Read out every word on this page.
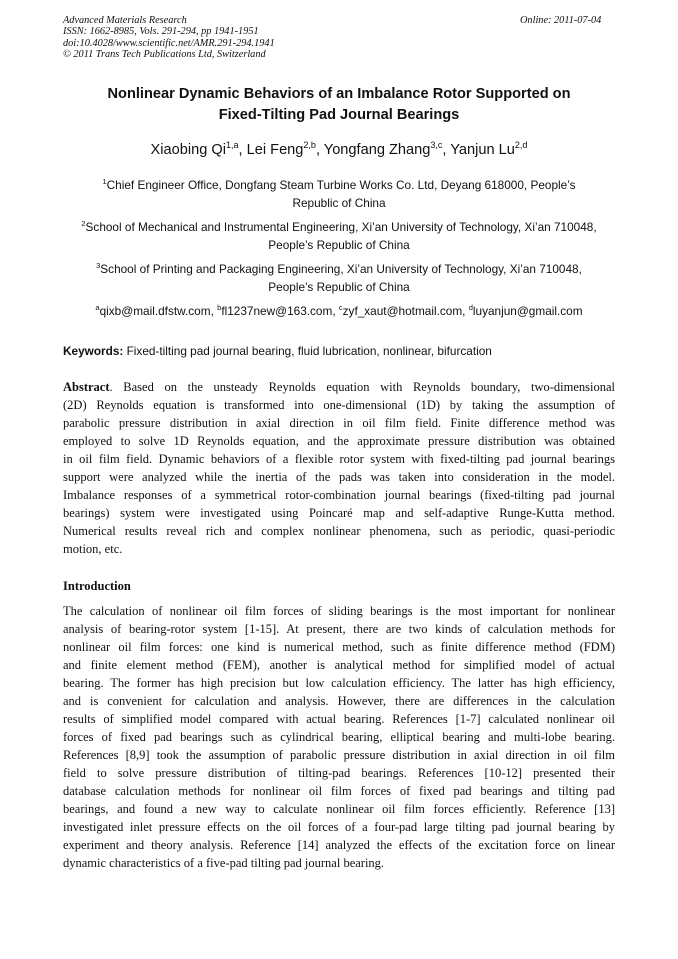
Advanced Materials Research
ISSN: 1662-8985, Vols. 291-294, pp 1941-1951
doi:10.4028/www.scientific.net/AMR.291-294.1941
© 2011 Trans Tech Publications Ltd, Switzerland
Online: 2011-07-04
Nonlinear Dynamic Behaviors of an Imbalance Rotor Supported on
Fixed-Tilting Pad Journal Bearings
Xiaobing Qi$^{1,a}$, Lei Feng$^{2,b}$, Yongfang Zhang$^{3,c}$, Yanjun Lu$^{2,d}$
$^1$Chief Engineer Office, Dongfang Steam Turbine Works Co. Ltd, Deyang 618000, People’s
Republic of China
$^2$School of Mechanical and Instrumental Engineering, Xi’an University of Technology, Xi’an 710048,
People’s Republic of China
$^3$School of Printing and Packaging Engineering, Xi’an University of Technology, Xi’an 710048,
People’s Republic of China
$^a$qixb@mail.dfstw.com, $^b$fl1237new@163.com, $^c$zyf_xaut@hotmail.com, $^d$luyanjun@gmail.com
Keywords: Fixed-tilting pad journal bearing, fluid lubrication, nonlinear, bifurcation
Abstract. Based on the unsteady Reynolds equation with Reynolds boundary, two-dimensional
(2D) Reynolds equation is transformed into one-dimensional (1D) by taking the assumption of
parabolic pressure distribution in axial direction in oil film field. Finite difference method was
employed to solve 1D Reynolds equation, and the approximate pressure distribution was obtained
in oil film field. Dynamic behaviors of a flexible rotor system with fixed-tilting pad journal bearings
support were analyzed while the inertia of the pads was taken into consideration in the model.
Imbalance responses of a symmetrical rotor-combination journal bearings (fixed-tilting pad journal
bearings) system were investigated using Poincaré map and self-adaptive Runge-Kutta method.
Numerical results reveal rich and complex nonlinear phenomena, such as periodic, quasi-periodic
motion, etc.
Introduction
The calculation of nonlinear oil film forces of sliding bearings is the most important for nonlinear
analysis of bearing-rotor system [1-15]. At present, there are two kinds of calculation methods for
nonlinear oil film forces: one kind is numerical method, such as finite difference method (FDM)
and finite element method (FEM), another is analytical method for simplified model of actual
bearing. The former has high precision but low calculation efficiency. The latter has high efficiency,
and is convenient for calculation and analysis. However, there are differences in the calculation
results of simplified model compared with actual bearing. References [1-7] calculated nonlinear oil
forces of fixed pad bearings such as cylindrical bearing, elliptical bearing and multi-lobe bearing.
References [8,9] took the assumption of parabolic pressure distribution in axial direction in oil film
field to solve pressure distribution of tilting-pad bearings. References [10-12] presented their
database calculation methods for nonlinear oil film forces of fixed pad bearings and tilting pad
bearings, and found a new way to calculate nonlinear oil film forces efficiently. Reference [13]
investigated inlet pressure effects on the oil forces of a four-pad large tilting pad journal bearing by
experiment and theory analysis. Reference [14] analyzed the effects of the excitation force on linear
dynamic characteristics of a five-pad tilting pad journal bearing.
